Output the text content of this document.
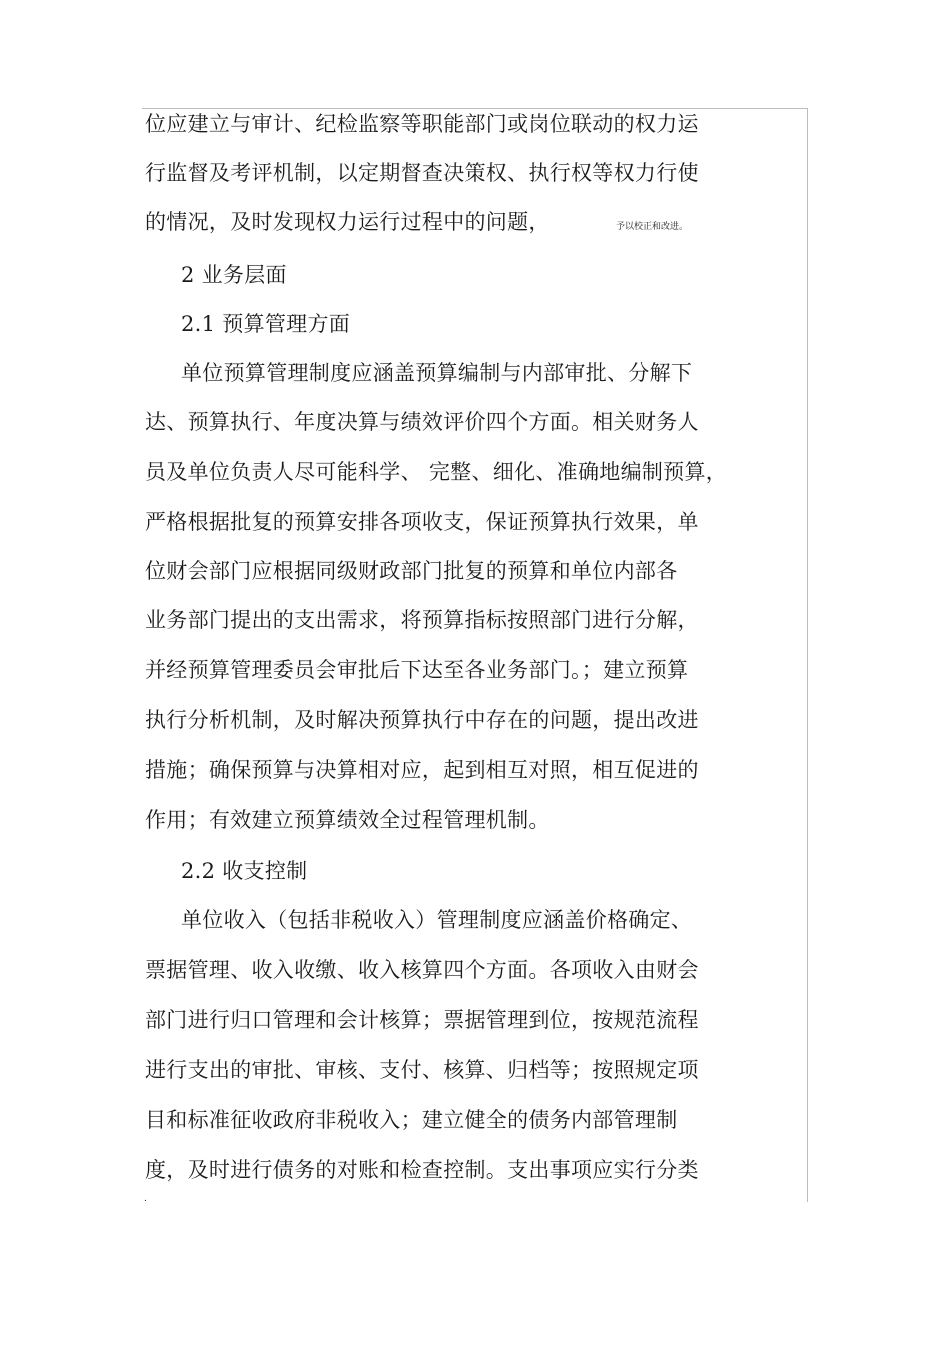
位应建立与审计、纪检监察等职能部门或岗位联动的权力运
行监督及考评机制，以定期督查决策权、执行权等权力行使
的情况，及时发现权力运行过程中的问题，	予以校正和改进。
2 业务层面
2.1 预算管理方面
单位预算管理制度应涵盖预算编制与内部审批、分解下
达、预算执行、年度决算与绩效评价四个方面。相关财务人
员及单位负责人尽可能科学、 完整、细化、准确地编制预算，
严格根据批复的预算安排各项收支，保证预算执行效果，单
位财会部门应根据同级财政部门批复的预算和单位内部各
业务部门提出的支出需求，将预算指标按照部门进行分解，
并经预算管理委员会审批后下达至各业务部门。；建立预算
执行分析机制，及时解决预算执行中存在的问题，提出改进
措施；确保预算与决算相对应，起到相互对照，相互促进的
作用；有效建立预算绩效全过程管理机制。
2.2 收支控制
单位收入（包括非税收入）管理制度应涵盖价格确定、
票据管理、收入收缴、收入核算四个方面。各项收入由财会
部门进行归口管理和会计核算；票据管理到位，按规范流程
进行支出的审批、审核、支付、核算、归档等；按照规定项
目和标准征收政府非税收入；建立健全的债务内部管理制
度，及时进行债务的对账和检查控制。支出事项应实行分类
.
